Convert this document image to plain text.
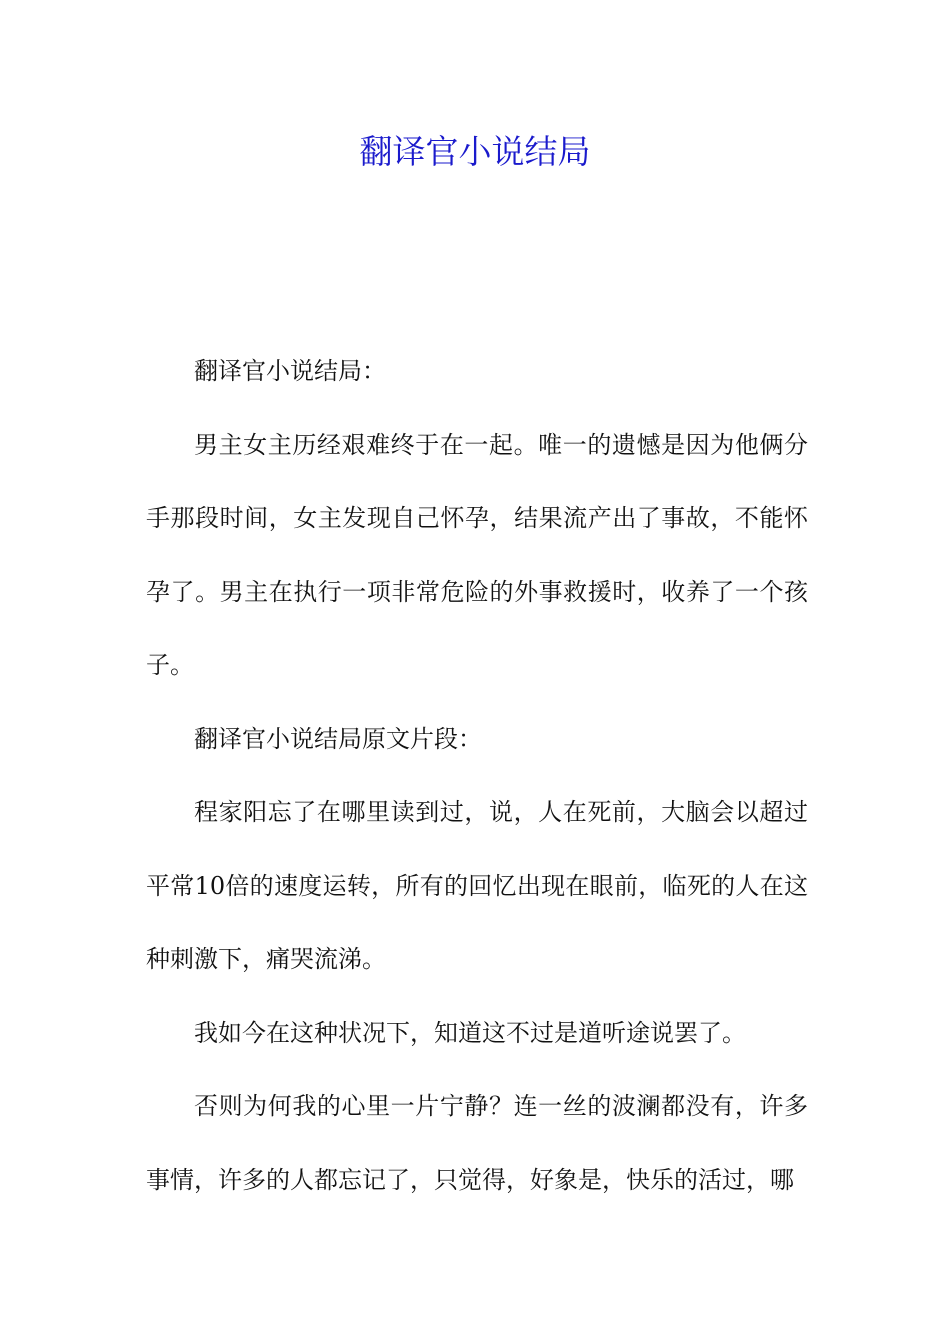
翻译官小说结局

翻译官小说结局：

男主女主历经艰难终于在一起。唯一的遗憾是因为他俩分手那段时间，女主发现自己怀孕，结果流产出了事故，不能怀孕了。男主在执行一项非常危险的外事救援时，收养了一个孩子。

翻译官小说结局原文片段：

程家阳忘了在哪里读到过，说，人在死前，大脑会以超过平常10倍的速度运转，所有的回忆出现在眼前，临死的人在这种刺激下，痛哭流涕。

我如今在这种状况下，知道这不过是道听途说罢了。

否则为何我的心里一片宁静？连一丝的波澜都没有，许多事情，许多的人都忘记了，只觉得，好象是，快乐的活过，哪
